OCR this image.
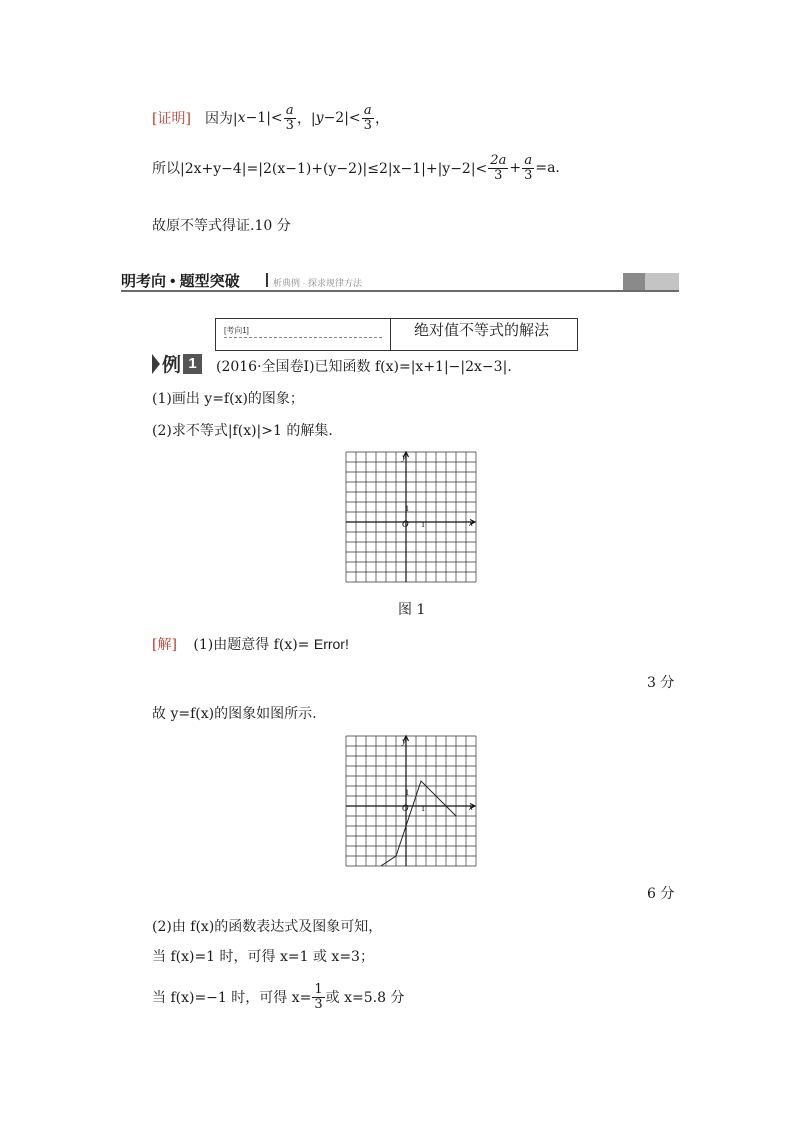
[证明] 因为| $x -1|< \frac{a}{3}$ ，| $y -2|< \frac{a}{3}$ ，
所以$|2x+y-4|=|2(x-1)+(y-2)|\le 2|x-1|+|y-2|< \frac{2a}{3} + \frac{a}{3} =a$.
故原不等式得证.10 分
明考向 • 题型突破	析典例 · 探求规律方法
[考向1]	绝对值不等式的解法
例 1	(2016·全国卷Ⅰ)已知函数 f(x)=|x+1|−|2x−3|.
(1)画出 y=f(x)的图象；
(2)求不等式|f(x)|>1 的解集.
y
x
O 1
1
图 1
[解] (1)由题意得 f(x)= Error!
3 分
故 y=f(x)的图象如图所示.
y
x
O 1
1
6 分
(2)由 f(x)的函数表达式及图象可知，
当 f(x)=1 时，可得 x=1 或 x=3；
当 f(x)=−1 时，可得 $x= \frac{1}{3}$ 或 x=5.8 分
